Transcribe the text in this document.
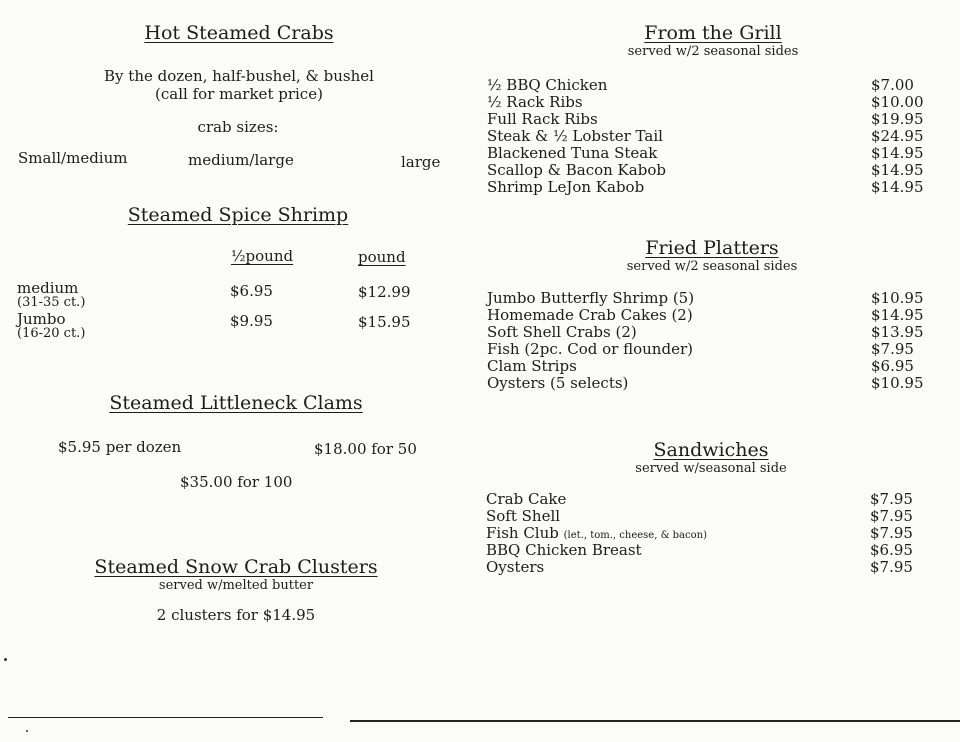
Hot Steamed Crabs
By the dozen, half-bushel, & bushel
(call for market price)
crab sizes:
Small/medium	medium/large	large
Steamed Spice Shrimp
½pound	pound
medium
(31-35 ct.)
$6.95	$12.99
Jumbo
(16-20 ct.)
$9.95	$15.95
Steamed Littleneck Clams
$5.95 per dozen	$18.00 for 50
$35.00 for 100
Steamed Snow Crab Clusters
served w/melted butter
2 clusters for $14.95
From the Grill
served w/2 seasonal sides
½ BBQ Chicken	$7.00
½ Rack Ribs	$10.00
Full Rack Ribs	$19.95
Steak & ½ Lobster Tail	$24.95
Blackened Tuna Steak	$14.95
Scallop & Bacon Kabob	$14.95
Shrimp LeJon Kabob	$14.95
Fried Platters
served w/2 seasonal sides
Jumbo Butterfly Shrimp (5)	$10.95
Homemade Crab Cakes (2)	$14.95
Soft Shell Crabs (2)	$13.95
Fish (2pc. Cod or flounder)	$7.95
Clam Strips	$6.95
Oysters (5 selects)	$10.95
Sandwiches
served w/seasonal side
Crab Cake	$7.95
Soft Shell	$7.95
Fish Club (let., tom., cheese, & bacon)	$7.95
BBQ Chicken Breast	$6.95
Oysters	$7.95
